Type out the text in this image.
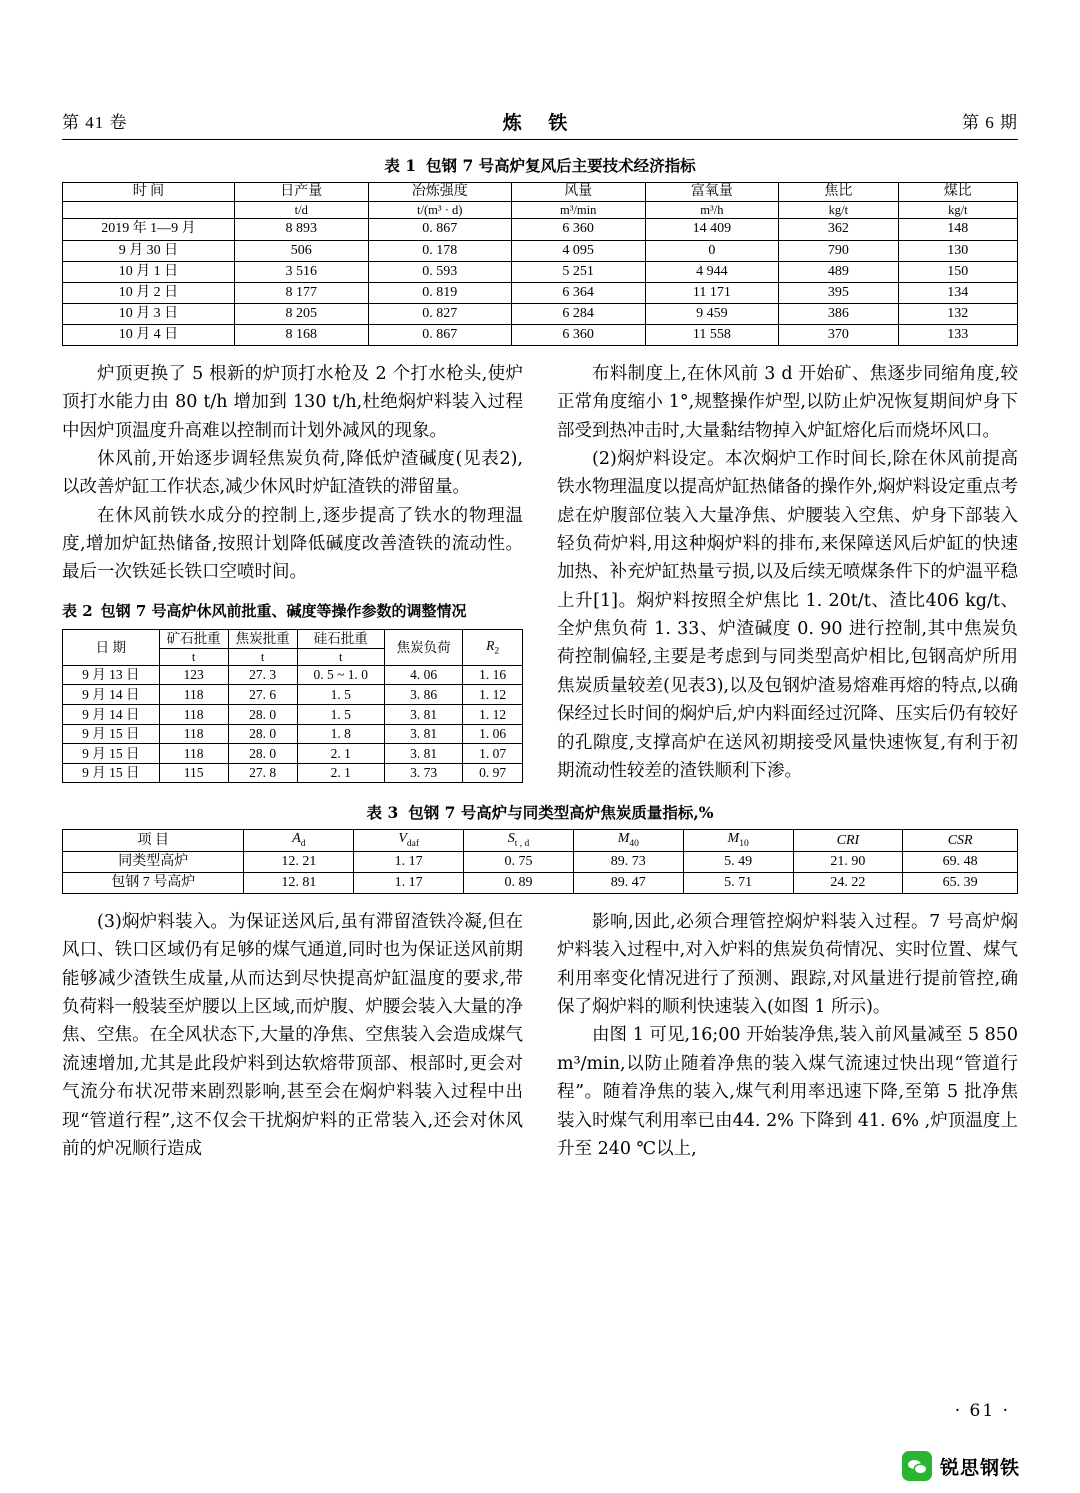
第 41 卷	炼 铁	第 6 期
表 1 包钢 7 号高炉复风后主要技术经济指标
时 间	日产量	冶炼强度	风量	富氧量	焦比	煤比
	t/d	t/(m³ · d)	m³/min	m³/h	kg/t	kg/t
2019 年 1—9 月	8 893	0. 867	6 360	14 409	362	148
9 月 30 日	506	0. 178	4 095	0	790	130
10 月 1 日	3 516	0. 593	5 251	4 944	489	150
10 月 2 日	8 177	0. 819	6 364	11 171	395	134
10 月 3 日	8 205	0. 827	6 284	9 459	386	132
10 月 4 日	8 168	0. 867	6 360	11 558	370	133

炉顶更换了 5 根新的炉顶打水枪及 2 个打水枪头,使炉顶打水能力由 80 t/h 增加到 130 t/h,杜绝焖炉料装入过程中因炉顶温度升高难以控制而计划外减风的现象。

休风前,开始逐步调轻焦炭负荷,降低炉渣碱度(见表2),以改善炉缸工作状态,减少休风时炉缸渣铁的滞留量。

在休风前铁水成分的控制上,逐步提高了铁水的物理温度,增加炉缸热储备,按照计划降低碱度改善渣铁的流动性。最后一次铁延长铁口空喷时间。

表 2 包钢 7 号高炉休风前批重、碱度等操作参数的调整情况
日 期	矿石批重	焦炭批重	硅石批重	焦炭负荷	$R_2$
	t	t	t		
9 月 13 日	123	27. 3	0. 5 ~ 1. 0	4. 06	1. 16
9 月 14 日	118	27. 6	1. 5	3. 86	1. 12
9 月 14 日	118	28. 0	1. 5	3. 81	1. 12
9 月 15 日	118	28. 0	1. 8	3. 81	1. 06
9 月 15 日	118	28. 0	2. 1	3. 81	1. 07
9 月 15 日	115	27. 8	2. 1	3. 73	0. 97

布料制度上,在休风前 3 d 开始矿、焦逐步同缩角度,较正常角度缩小 1°,规整操作炉型,以防止炉况恢复期间炉身下部受到热冲击时,大量黏结物掉入炉缸熔化后而烧坏风口。

(2)焖炉料设定。本次焖炉工作时间长,除在休风前提高铁水物理温度以提高炉缸热储备的操作外,焖炉料设定重点考虑在炉腹部位装入大量净焦、炉腰装入空焦、炉身下部装入轻负荷炉料,用这种焖炉料的排布,来保障送风后炉缸的快速加热、补充炉缸热量亏损,以及后续无喷煤条件下的炉温平稳上升[1]。焖炉料按照全炉焦比 1. 20t/t、渣比406 kg/t、全炉焦负荷 1. 33、炉渣碱度 0. 90 进行控制,其中焦炭负荷控制偏轻,主要是考虑到与同类型高炉相比,包钢高炉所用焦炭质量较差(见表3),以及包钢炉渣易熔难再熔的特点,以确保经过长时间的焖炉后,炉内料面经过沉降、压实后仍有较好的孔隙度,支撑高炉在送风初期接受风量快速恢复,有利于初期流动性较差的渣铁顺利下渗。

表 3 包钢 7 号高炉与同类型高炉焦炭质量指标,%
项 目	$A_d$	$V_{daf}$	$S_{t , d}$	$M_{40}$	$M_{10}$	CRI	CSR
同类型高炉	12. 21	1. 17	0. 75	89. 73	5. 49	21. 90	69. 48
包钢 7 号高炉	12. 81	1. 17	0. 89	89. 47	5. 71	24. 22	65. 39

(3)焖炉料装入。为保证送风后,虽有滞留渣铁冷凝,但在风口、铁口区域仍有足够的煤气通道,同时也为保证送风前期能够减少渣铁生成量,从而达到尽快提高炉缸温度的要求,带负荷料一般装至炉腰以上区域,而炉腹、炉腰会装入大量的净焦、空焦。在全风状态下,大量的净焦、空焦装入会造成煤气流速增加,尤其是此段炉料到达软熔带顶部、根部时,更会对气流分布状况带来剧烈影响,甚至会在焖炉料装入过程中出现“管道行程”,这不仅会干扰焖炉料的正常装入,还会对休风前的炉况顺行造成

影响,因此,必须合理管控焖炉料装入过程。7 号高炉焖炉料装入过程中,对入炉料的焦炭负荷情况、实时位置、煤气利用率变化情况进行了预测、跟踪,对风量进行提前管控,确保了焖炉料的顺利快速装入(如图 1 所示)。

由图 1 可见,16;00 开始装净焦,装入前风量减至 5 850 m³/min,以防止随着净焦的装入煤气流速过快出现“管道行程”。随着净焦的装入,煤气利用率迅速下降,至第 5 批净焦装入时煤气利用率已由44. 2% 下降到 41. 6% ,炉顶温度上升至 240 ℃以上,

· 61 ·
锐思钢铁
